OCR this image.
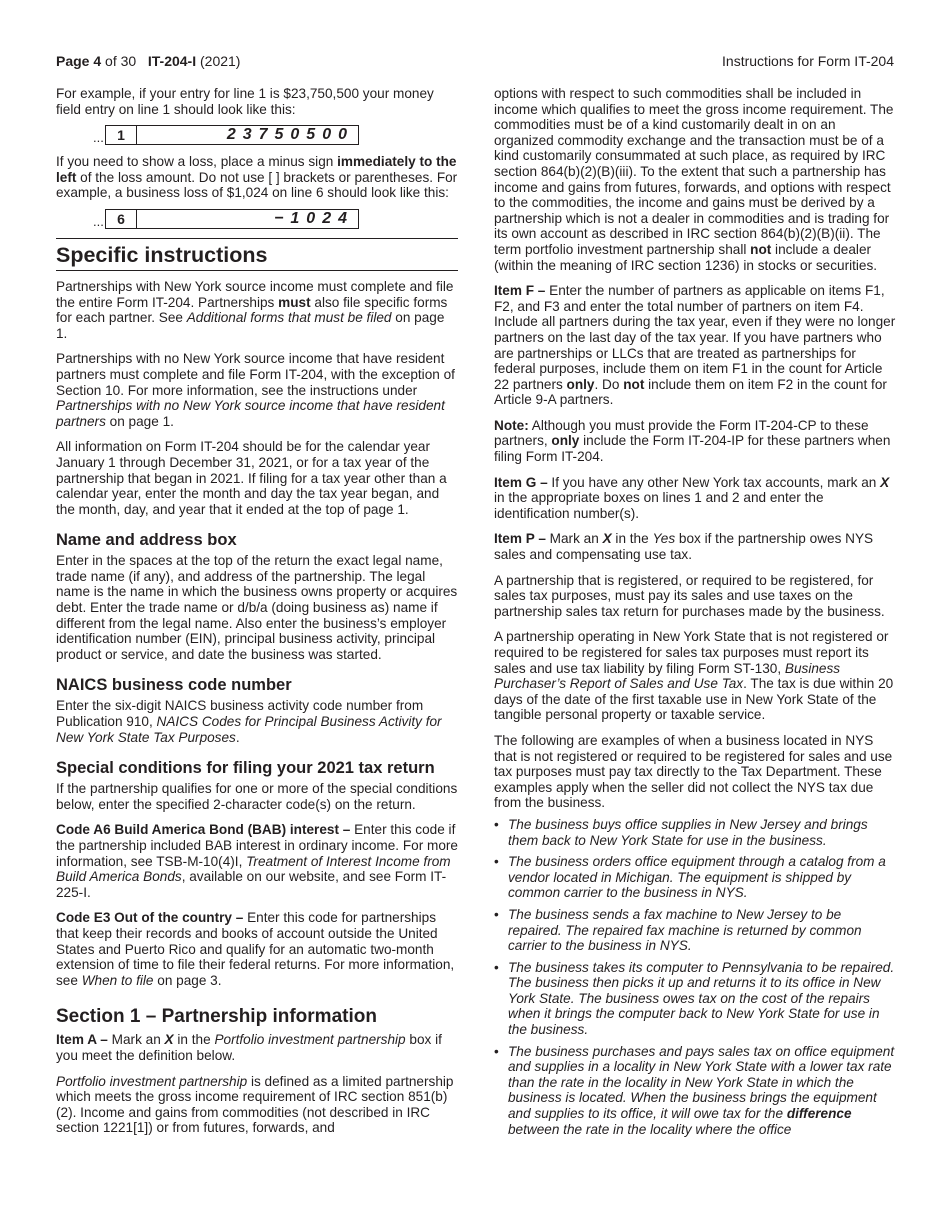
Page 4 of 30 IT-204-I (2021)	Instructions for Form IT-204

For example, if your entry for line 1 is $23,750,500 your money field entry on line 1 should look like this:

... 1	23750500

If you need to show a loss, place a minus sign immediately to the left of the loss amount. Do not use [ ] brackets or parentheses. For example, a business loss of $1,024 on line 6 should look like this:

... 6	−1024
Specific instructions

Partnerships with New York source income must complete and file the entire Form IT-204. Partnerships must also file specific forms for each partner. See Additional forms that must be filed on page 1.

Partnerships with no New York source income that have resident partners must complete and file Form IT-204, with the exception of Section 10. For more information, see the instructions under Partnerships with no New York source income that have resident partners on page 1.

All information on Form IT-204 should be for the calendar year January 1 through December 31, 2021, or for a tax year of the partnership that began in 2021. If filing for a tax year other than a calendar year, enter the month and day the tax year began, and the month, day, and year that it ended at the top of page 1.

Name and address box

Enter in the spaces at the top of the return the exact legal name, trade name (if any), and address of the partnership. The legal name is the name in which the business owns property or acquires debt. Enter the trade name or d/b/a (doing business as) name if different from the legal name. Also enter the business’s employer identification number (EIN), principal business activity, principal product or service, and date the business was started.

NAICS business code number

Enter the six-digit NAICS business activity code number from Publication 910, NAICS Codes for Principal Business Activity for New York State Tax Purposes.

Special conditions for filing your 2021 tax return

If the partnership qualifies for one or more of the special conditions below, enter the specified 2-character code(s) on the return.

Code A6 Build America Bond (BAB) interest – Enter this code if the partnership included BAB interest in ordinary income. For more information, see TSB-M-10(4)I, Treatment of Interest Income from Build America Bonds, available on our website, and see Form IT-225-I.

Code E3 Out of the country – Enter this code for partnerships that keep their records and books of account outside the United States and Puerto Rico and qualify for an automatic two-month extension of time to file their federal returns. For more information, see When to file on page 3.

Section 1 – Partnership information

Item A – Mark an X in the Portfolio investment partnership box if you meet the definition below.

Portfolio investment partnership is defined as a limited partnership which meets the gross income requirement of IRC section 851(b)(2). Income and gains from commodities (not described in IRC section 1221[1]) or from futures, forwards, and

options with respect to such commodities shall be included in income which qualifies to meet the gross income requirement. The commodities must be of a kind customarily dealt in on an organized commodity exchange and the transaction must be of a kind customarily consummated at such place, as required by IRC section 864(b)(2)(B)(iii). To the extent that such a partnership has income and gains from futures, forwards, and options with respect to the commodities, the income and gains must be derived by a partnership which is not a dealer in commodities and is trading for its own account as described in IRC section 864(b)(2)(B)(ii). The term portfolio investment partnership shall not include a dealer (within the meaning of IRC section 1236) in stocks or securities.

Item F – Enter the number of partners as applicable on items F1, F2, and F3 and enter the total number of partners on item F4. Include all partners during the tax year, even if they were no longer partners on the last day of the tax year. If you have partners who are partnerships or LLCs that are treated as partnerships for federal purposes, include them on item F1 in the count for Article 22 partners only. Do not include them on item F2 in the count for Article 9-A partners.

Note: Although you must provide the Form IT-204-CP to these partners, only include the Form IT-204-IP for these partners when filing Form IT-204.

Item G – If you have any other New York tax accounts, mark an X in the appropriate boxes on lines 1 and 2 and enter the identification number(s).

Item P – Mark an X in the Yes box if the partnership owes NYS sales and compensating use tax.

A partnership that is registered, or required to be registered, for sales tax purposes, must pay its sales and use taxes on the partnership sales tax return for purchases made by the business.

A partnership operating in New York State that is not registered or required to be registered for sales tax purposes must report its sales and use tax liability by filing Form ST-130, Business Purchaser’s Report of Sales and Use Tax. The tax is due within 20 days of the date of the first taxable use in New York State of the tangible personal property or taxable service.

The following are examples of when a business located in NYS that is not registered or required to be registered for sales and use tax purposes must pay tax directly to the Tax Department. These examples apply when the seller did not collect the NYS tax due from the business.

• The business buys office supplies in New Jersey and brings them back to New York State for use in the business.
• The business orders office equipment through a catalog from a vendor located in Michigan. The equipment is shipped by common carrier to the business in NYS.
• The business sends a fax machine to New Jersey to be repaired. The repaired fax machine is returned by common carrier to the business in NYS.
• The business takes its computer to Pennsylvania to be repaired. The business then picks it up and returns it to its office in New York State. The business owes tax on the cost of the repairs when it brings the computer back to New York State for use in the business.
• The business purchases and pays sales tax on office equipment and supplies in a locality in New York State with a lower tax rate than the rate in the locality in New York State in which the business is located. When the business brings the equipment and supplies to its office, it will owe tax for the difference between the rate in the locality where the office
